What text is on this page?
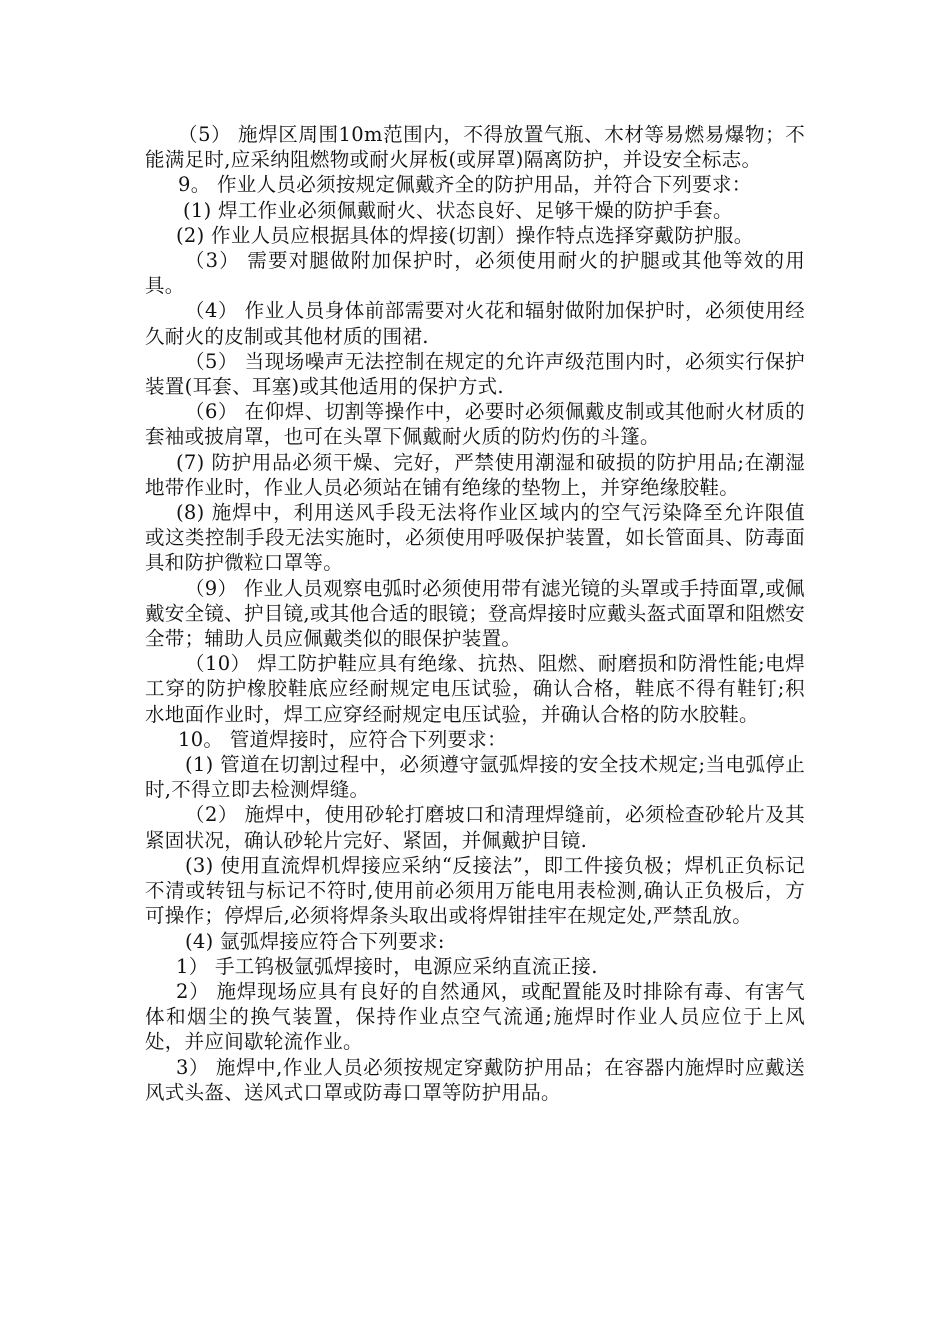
（5） 施焊区周围10m范围内，不得放置气瓶、木材等易燃易爆物；不能满足时,应采纳阻燃物或耐火屏板(或屏罩)隔离防护，并设安全标志。

9。 作业人员必须按规定佩戴齐全的防护用品，并符合下列要求：

(1) 焊工作业必须佩戴耐火、状态良好、足够干燥的防护手套。

(2) 作业人员应根据具体的焊接(切割）操作特点选择穿戴防护服。

（3） 需要对腿做附加保护时，必须使用耐火的护腿或其他等效的用具。

（4） 作业人员身体前部需要对火花和辐射做附加保护时，必须使用经久耐火的皮制或其他材质的围裙.

（5） 当现场噪声无法控制在规定的允许声级范围内时，必须实行保护装置(耳套、耳塞)或其他适用的保护方式.

（6） 在仰焊、切割等操作中，必要时必须佩戴皮制或其他耐火材质的套袖或披肩罩，也可在头罩下佩戴耐火质的防灼伤的斗篷。

(7) 防护用品必须干燥、完好，严禁使用潮湿和破损的防护用品;在潮湿地带作业时，作业人员必须站在铺有绝缘的垫物上，并穿绝缘胶鞋。

(8) 施焊中，利用送风手段无法将作业区域内的空气污染降至允许限值或这类控制手段无法实施时，必须使用呼吸保护装置，如长管面具、防毒面具和防护微粒口罩等。

（9） 作业人员观察电弧时必须使用带有滤光镜的头罩或手持面罩,或佩戴安全镜、护目镜,或其他合适的眼镜；登高焊接时应戴头盔式面罩和阻燃安全带；辅助人员应佩戴类似的眼保护装置。

（10） 焊工防护鞋应具有绝缘、抗热、阻燃、耐磨损和防滑性能;电焊工穿的防护橡胶鞋底应经耐规定电压试验，确认合格，鞋底不得有鞋钉;积水地面作业时，焊工应穿经耐规定电压试验，并确认合格的防水胶鞋。

10。 管道焊接时，应符合下列要求：

(1) 管道在切割过程中，必须遵守氩弧焊接的安全技术规定;当电弧停止时,不得立即去检测焊缝。

（2） 施焊中，使用砂轮打磨坡口和清理焊缝前，必须检查砂轮片及其紧固状况，确认砂轮片完好、紧固，并佩戴护目镜.

(3) 使用直流焊机焊接应采纳“反接法”，即工件接负极；焊机正负标记不清或转钮与标记不符时,使用前必须用万能电用表检测,确认正负极后，方可操作；停焊后,必须将焊条头取出或将焊钳挂牢在规定处,严禁乱放。

(4) 氩弧焊接应符合下列要求:

1） 手工钨极氩弧焊接时，电源应采纳直流正接.

2） 施焊现场应具有良好的自然通风，或配置能及时排除有毒、有害气体和烟尘的换气装置，保持作业点空气流通;施焊时作业人员应位于上风处，并应间歇轮流作业。

3） 施焊中,作业人员必须按规定穿戴防护用品；在容器内施焊时应戴送风式头盔、送风式口罩或防毒口罩等防护用品。
